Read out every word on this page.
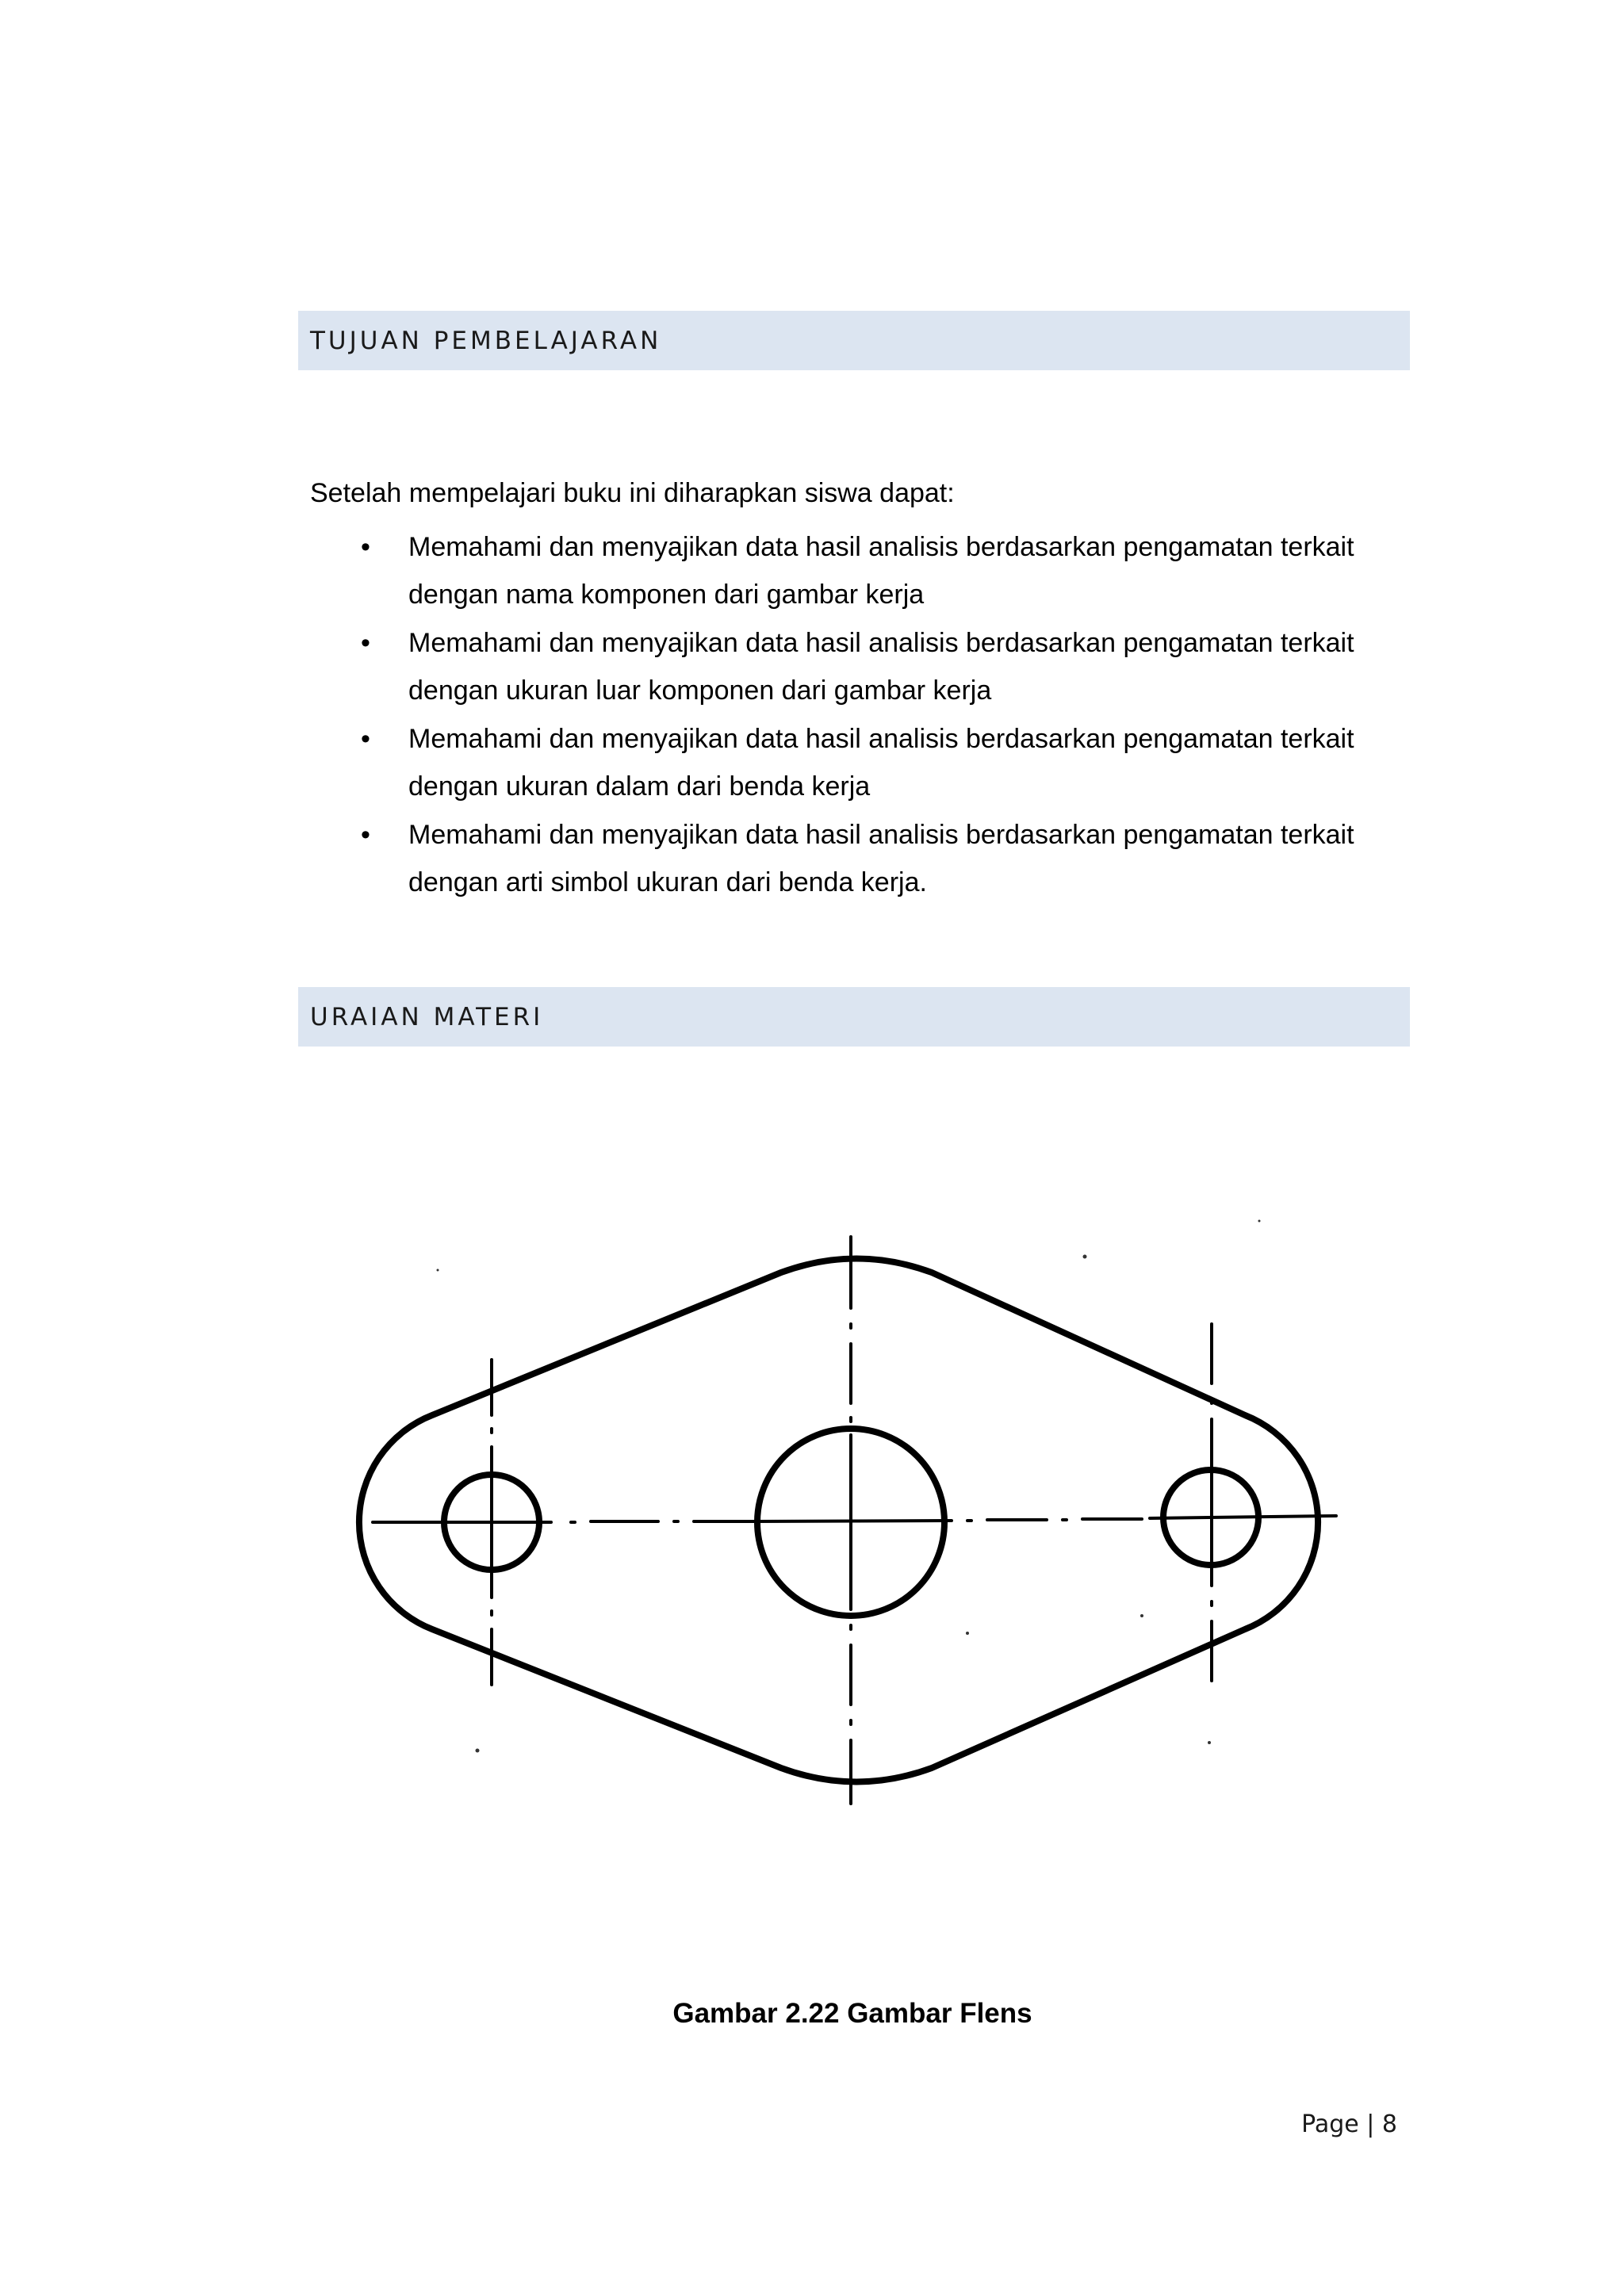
TUJUAN PEMBELAJARAN
Setelah mempelajari buku ini diharapkan siswa dapat:
• Memahami dan menyajikan data hasil analisis berdasarkan pengamatan terkait
dengan nama komponen dari gambar kerja
• Memahami dan menyajikan data hasil analisis berdasarkan pengamatan terkait
dengan ukuran luar komponen dari gambar kerja
• Memahami dan menyajikan data hasil analisis berdasarkan pengamatan terkait
dengan ukuran dalam dari benda kerja
• Memahami dan menyajikan data hasil analisis berdasarkan pengamatan terkait
dengan arti simbol ukuran dari benda kerja.
URAIAN MATERI
Gambar 2.22 Gambar Flens
Page | 8
